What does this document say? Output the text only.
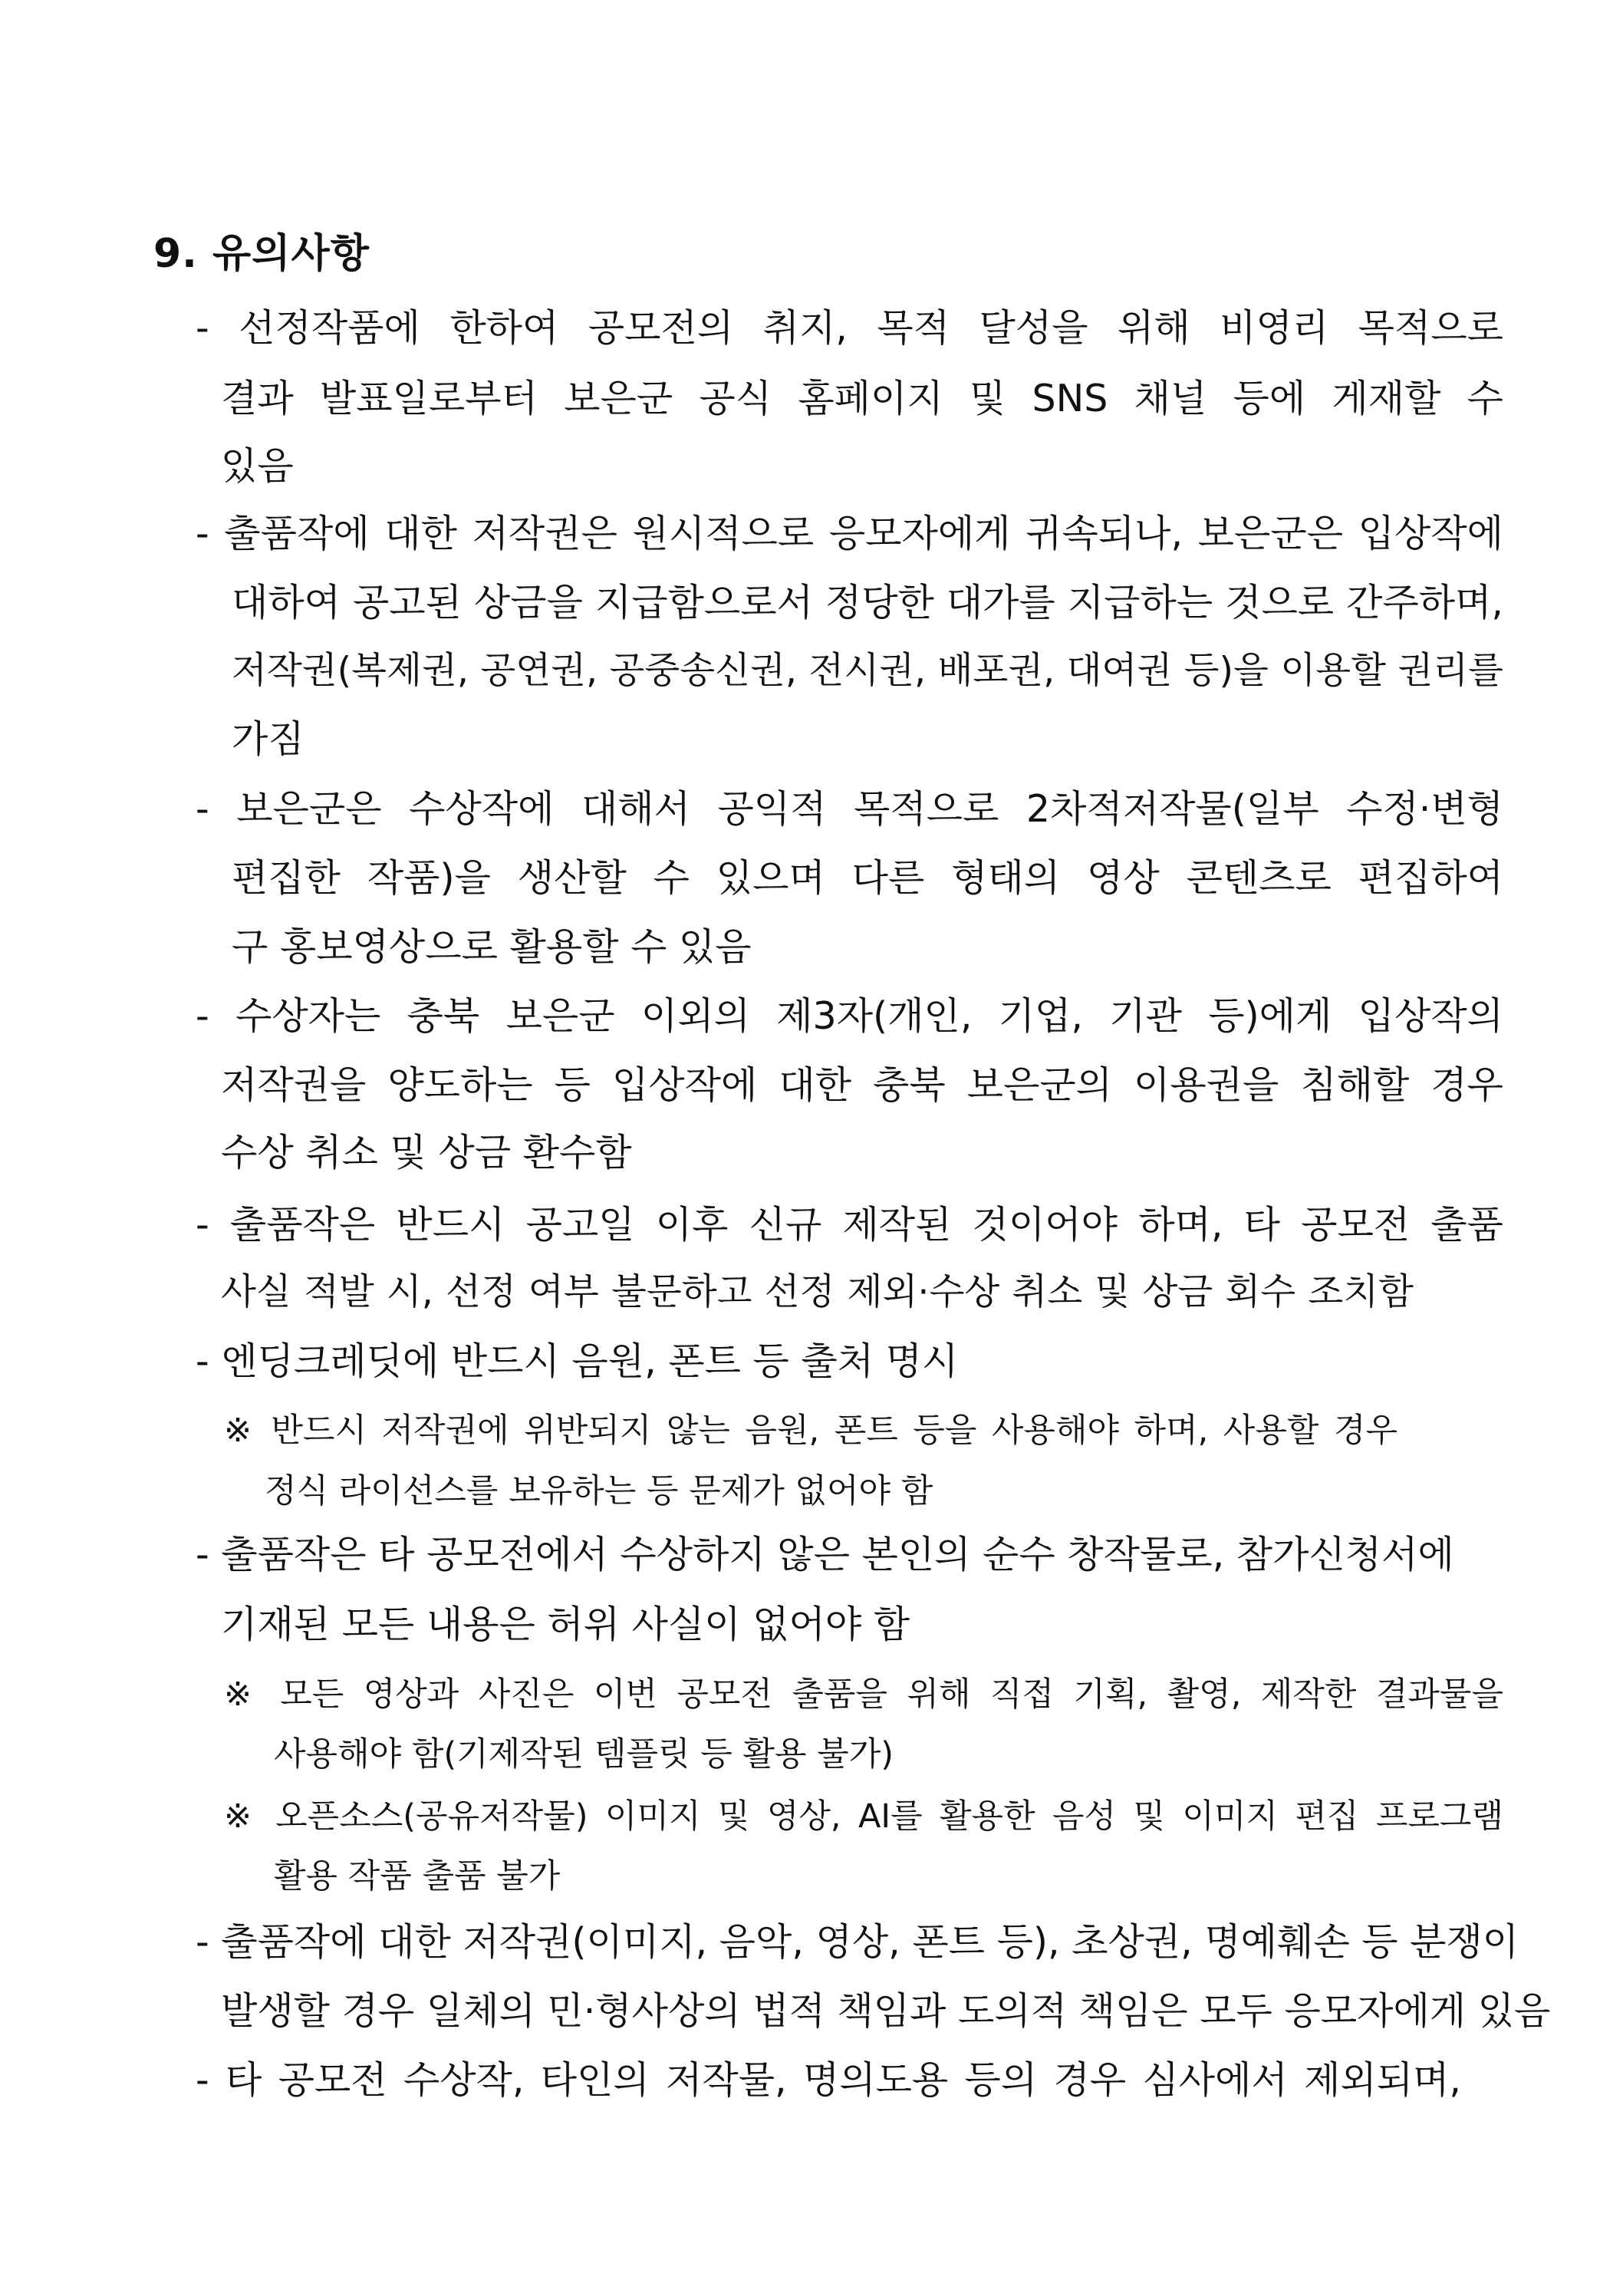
9. 유의사항
- 선정작품에 한하여 공모전의 취지, 목적 달성을 위해 비영리 목적으로
결과 발표일로부터 보은군 공식 홈페이지 및 SNS 채널 등에 게재할 수
있음
- 출품작에 대한 저작권은 원시적으로 응모자에게 귀속되나, 보은군은 입상작에
대하여 공고된 상금을 지급함으로서 정당한 대가를 지급하는 것으로 간주하며,
저작권(복제권, 공연권, 공중송신권, 전시권, 배포권, 대여권 등)을 이용할 권리를
가짐
- 보은군은 수상작에 대해서 공익적 목적으로 2차적저작물(일부 수정·변형
편집한 작품)을 생산할 수 있으며 다른 형태의 영상 콘텐츠로 편집하여
구 홍보영상으로 활용할 수 있음
- 수상자는 충북 보은군 이외의 제3자(개인, 기업, 기관 등)에게 입상작의
저작권을 양도하는 등 입상작에 대한 충북 보은군의 이용권을 침해할 경우
수상 취소 및 상금 환수함
- 출품작은 반드시 공고일 이후 신규 제작된 것이어야 하며, 타 공모전 출품
사실 적발 시, 선정 여부 불문하고 선정 제외·수상 취소 및 상금 회수 조치함
- 엔딩크레딧에 반드시 음원, 폰트 등 출처 명시
※ 반드시 저작권에 위반되지 않는 음원, 폰트 등을 사용해야 하며, 사용할 경우
정식 라이선스를 보유하는 등 문제가 없어야 함
- 출품작은 타 공모전에서 수상하지 않은 본인의 순수 창작물로, 참가신청서에
기재된 모든 내용은 허위 사실이 없어야 함
※ 모든 영상과 사진은 이번 공모전 출품을 위해 직접 기획, 촬영, 제작한 결과물을
사용해야 함(기제작된 템플릿 등 활용 불가)
※ 오픈소스(공유저작물) 이미지 및 영상, AI를 활용한 음성 및 이미지 편집 프로그램
활용 작품 출품 불가
- 출품작에 대한 저작권(이미지, 음악, 영상, 폰트 등), 초상권, 명예훼손 등 분쟁이
발생할 경우 일체의 민·형사상의 법적 책임과 도의적 책임은 모두 응모자에게 있음
- 타 공모전 수상작, 타인의 저작물, 명의도용 등의 경우 심사에서 제외되며,
